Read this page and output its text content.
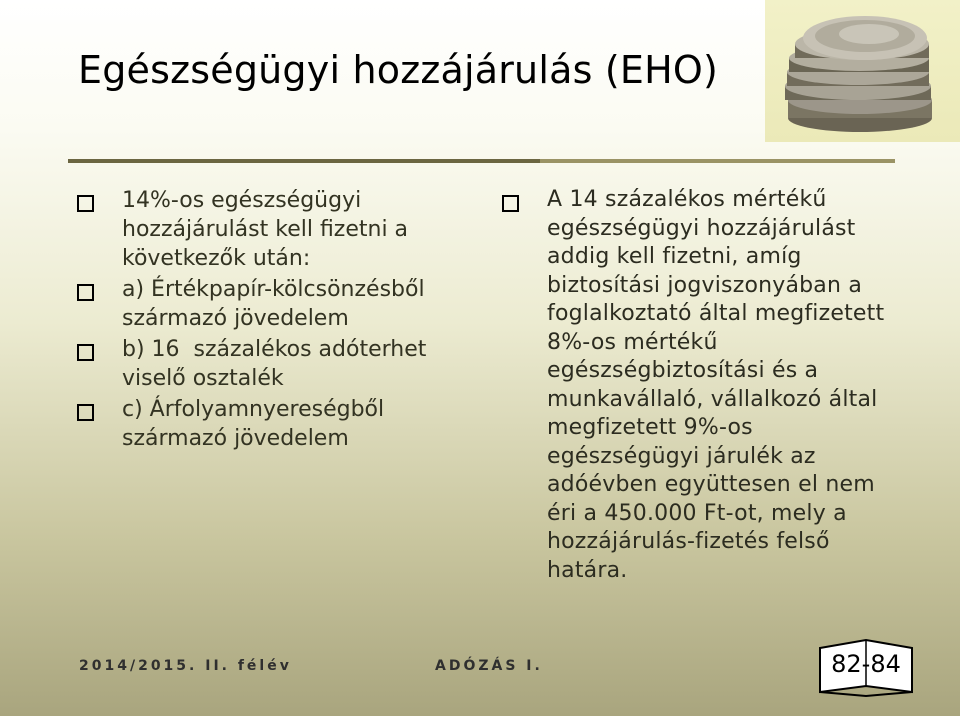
Egészségügyi hozzájárulás (EHO)
14%-os egészségügyi hozzájárulást kell fizetni a következők után:
a) Értékpapír-kölcsönzésből származó jövedelem
b) 16  százalékos adóterhet viselő osztalék
c) Árfolyamnyereségből származó jövedelem
A 14 százalékos mértékű egészségügyi hozzájárulást addig kell fizetni, amíg biztosítási jogviszonyában a foglalkoztató által megfizetett 8%-os mértékű egészségbiztosítási és a munkavállaló, vállalkozó által megfizetett 9%-os egészségügyi járulék az adóévben együttesen el nem éri a 450.000 Ft-ot, mely a hozzájárulás-fizetés felső határa.
2014/2015. II. félév	ADÓZÁS I.	82-84
